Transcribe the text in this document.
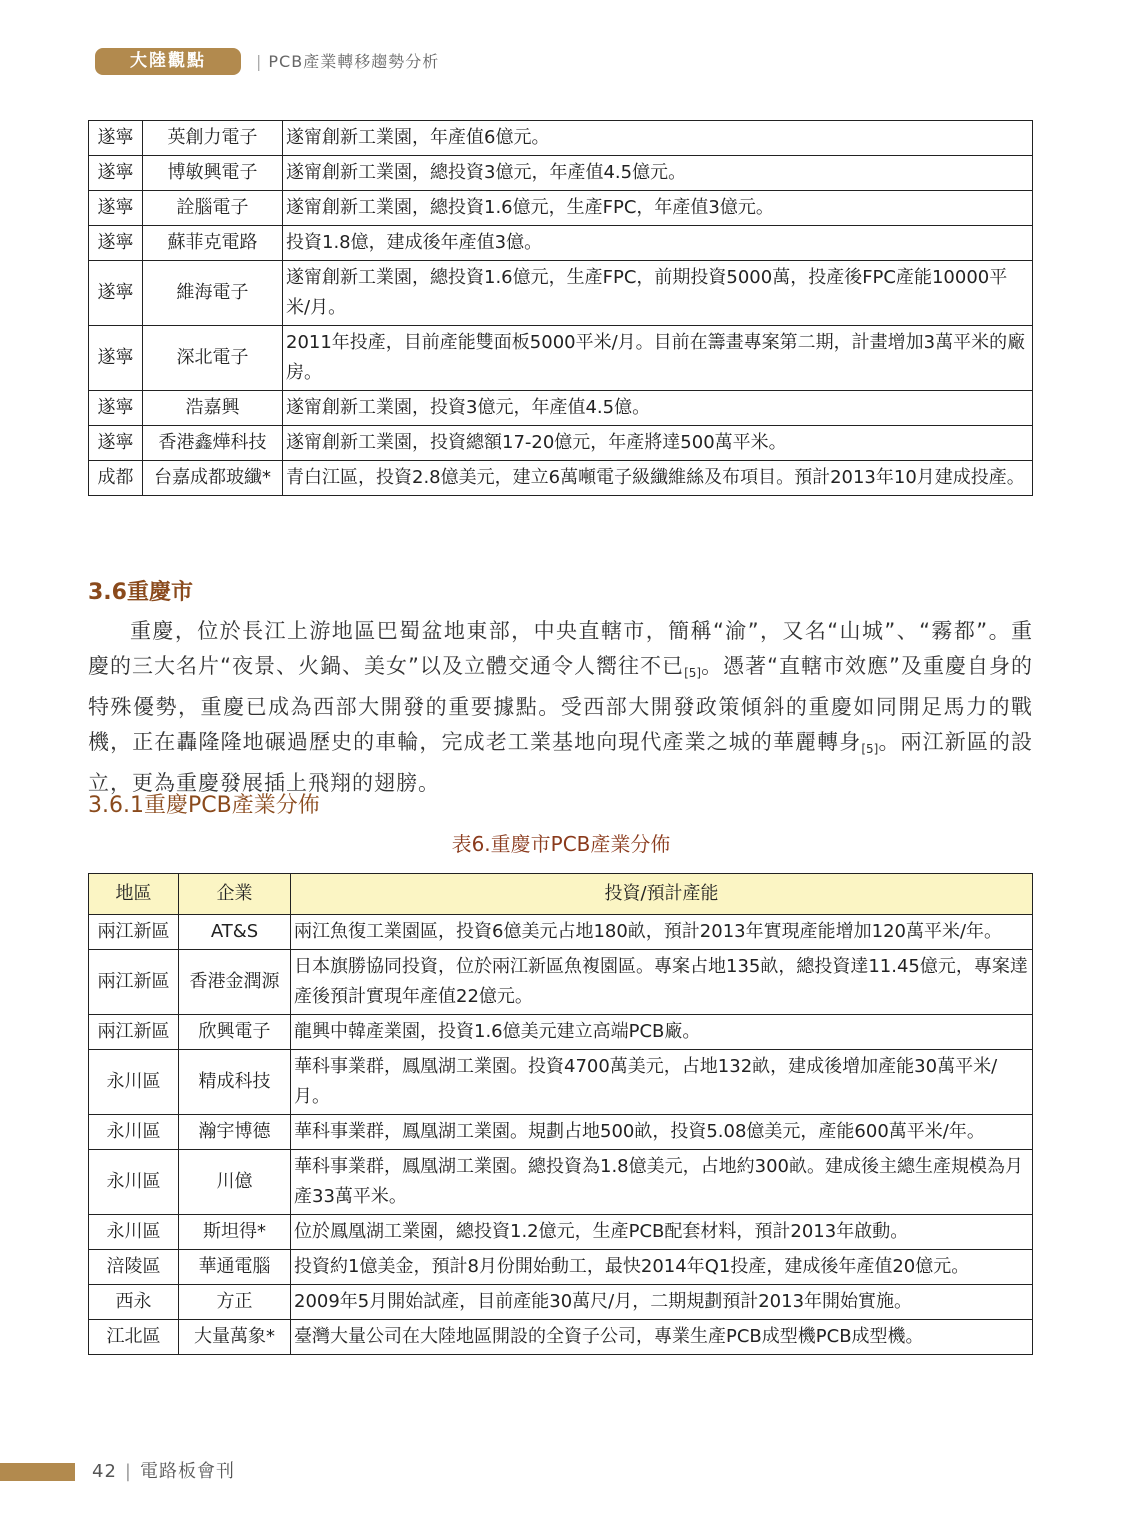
大陸觀點	| PCB產業轉移趨勢分析
遂寧	英創力電子	遂甯創新工業園，年產值6億元。
遂寧	博敏興電子	遂甯創新工業園，總投資3億元，年產值4.5億元。
遂寧	詮腦電子	遂甯創新工業園，總投資1.6億元，生產FPC，年產值3億元。
遂寧	蘇菲克電路	投資1.8億，建成後年產值3億。
遂寧	維海電子	遂甯創新工業園，總投資1.6億元，生產FPC，前期投資5000萬，投產後FPC產能10000平米/月。
遂寧	深北電子	2011年投產，目前產能雙面板5000平米/月。目前在籌畫專案第二期，計畫增加3萬平米的廠房。
遂寧	浩嘉興	遂甯創新工業園，投資3億元，年產值4.5億。
遂寧	香港鑫燁科技	遂甯創新工業園，投資總額17-20億元，年產將達500萬平米。
成都	台嘉成都玻纖*	青白江區，投資2.8億美元，建立6萬噸電子級纖維絲及布項目。預計2013年10月建成投產。
3.6重慶市
重慶，位於長江上游地區巴蜀盆地東部，中央直轄市，簡稱“渝”，又名“山城”、“霧都”。重慶的三大名片“夜景、火鍋、美女”以及立體交通令人嚮往不已$_{[5]}$。憑著“直轄市效應”及重慶自身的特殊優勢，重慶已成為西部大開發的重要據點。受西部大開發政策傾斜的重慶如同開足馬力的戰機，正在轟隆隆地碾過歷史的車輪，完成老工業基地向現代產業之城的華麗轉身$_{[5]}$。兩江新區的設立，更為重慶發展插上飛翔的翅膀。
3.6.1重慶PCB產業分佈
表6.重慶市PCB產業分佈
地區	企業	投資/預計產能
兩江新區	AT&S	兩江魚復工業園區，投資6億美元占地180畝，預計2013年實現產能增加120萬平米/年。
兩江新區	香港金潤源	日本旗勝協同投資，位於兩江新區魚複園區。專案占地135畝，總投資達11.45億元，專案達產後預計實現年產值22億元。
兩江新區	欣興電子	龍興中韓產業園，投資1.6億美元建立高端PCB廠。
永川區	精成科技	華科事業群，鳳凰湖工業園。投資4700萬美元，占地132畝，建成後增加產能30萬平米/月。
永川區	瀚宇博德	華科事業群，鳳凰湖工業園。規劃占地500畝，投資5.08億美元，產能600萬平米/年。
永川區	川億	華科事業群，鳳凰湖工業園。總投資為1.8億美元，占地約300畝。建成後主總生產規模為月產33萬平米。
永川區	斯坦得*	位於鳳凰湖工業園，總投資1.2億元，生產PCB配套材料，預計2013年啟動。
涪陵區	華通電腦	投資約1億美金，預計8月份開始動工，最快2014年Q1投產，建成後年產值20億元。
西永	方正	2009年5月開始試產，目前產能30萬尺/月，二期規劃預計2013年開始實施。
江北區	大量萬象*	臺灣大量公司在大陸地區開設的全資子公司，專業生產PCB成型機PCB成型機。
42 | 電路板會刊
